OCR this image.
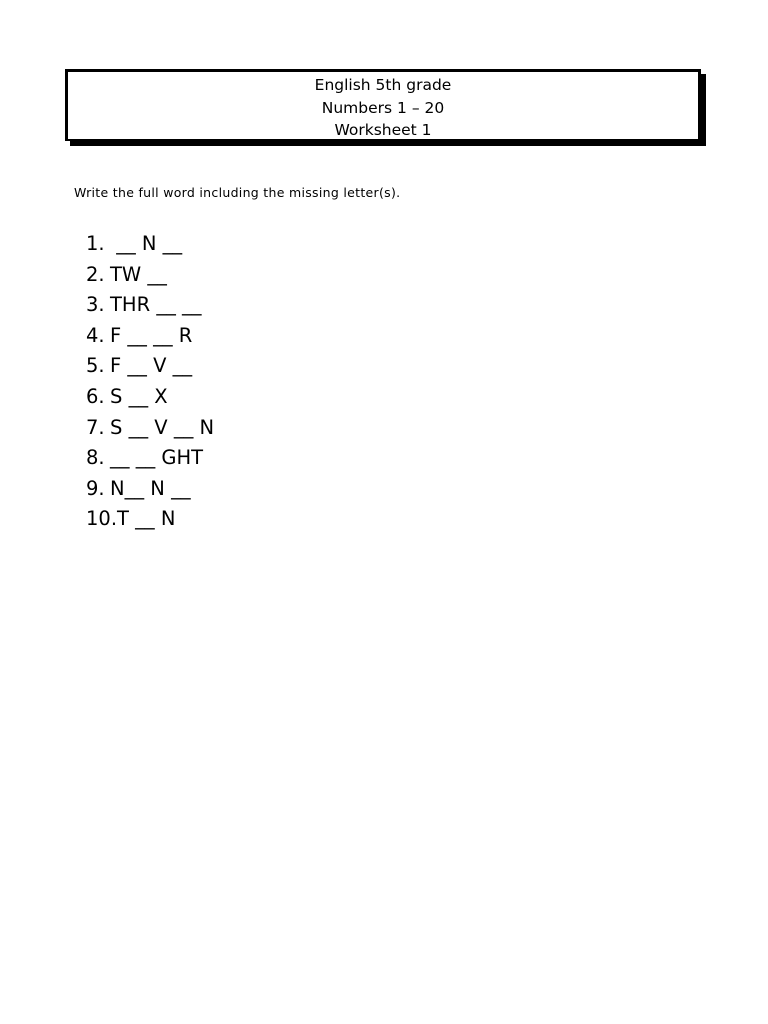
English 5th grade
Numbers 1 – 20
Worksheet 1
Write the full word including the missing letter(s).
1. __ N __
2. TW __
3. THR __ __
4. F __ __ R
5. F __ V __
6. S __ X
7. S __ V __ N
8. __ __ GHT
9. N__ N __
10. T __ N
